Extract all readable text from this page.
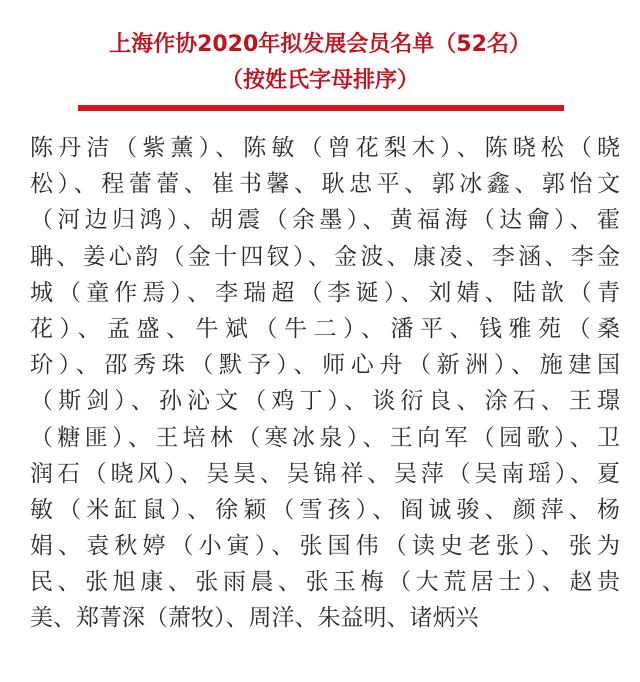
上海作协2020年拟发展会员名单（52名）
（按姓氏字母排序）
陈丹洁（紫薰）、陈敏（曾花梨木）、陈晓松（晓
松）、程蕾蕾、崔书馨、耿忠平、郭冰鑫、郭怡文
（河边归鸿）、胡震（余墨）、黄福海（达龠）、霍
聃、姜心韵（金十四钗）、金波、康凌、李涵、李金
城（童作焉）、李瑞超（李诞）、刘婧、陆歆（青
花）、孟盛、牛斌（牛二）、潘平、钱雅苑（桑
玠）、邵秀珠（默予）、师心舟（新洲）、施建国
（斯剑）、孙沁文（鸡丁）、谈衍良、涂石、王璟
（糖匪）、王培林（寒冰泉）、王向军（园歌）、卫
润石（晓风）、吴昊、吴锦祥、吴萍（吴南瑶）、夏
敏（米缸鼠）、徐颖（雪孩）、阎诚骏、颜萍、杨
娟、袁秋婷（小寅）、张国伟（读史老张）、张为
民、张旭康、张雨晨、张玉梅（大荒居士）、赵贵
美、郑菁深（萧牧）、周洋、朱益明、诸炳兴
